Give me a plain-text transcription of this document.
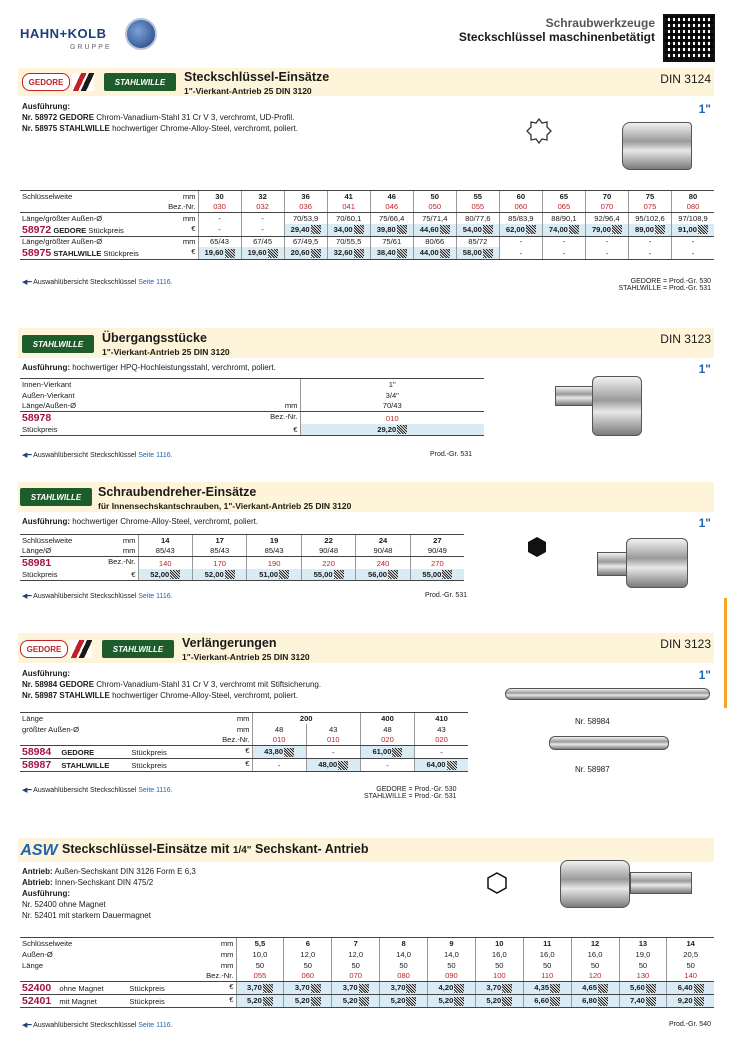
HAHN+KOLB
GRUPPE
Schraubwerkzeuge
Steckschlüssel maschinenbetätigt
GEDORE	STAHLWILLE	Steckschlüssel-Einsätze
1"-Vierkant-Antrieb 25 DIN 3120
DIN 3124
1"
Ausführung:
Nr. 58972 GEDORE Chrom-Vanadium-Stahl 31 Cr V 3, verchromt, UD-Profil.
Nr. 58975 STAHLWILLE hochwertiger Chrome-Alloy-Steel, verchromt, poliert.
Schlüsselweite mm	30	32	36	41	46	50	55	60	65	70	75	80
Bez.-Nr.	030	032	036	041	046	050	055	060	065	070	075	080
Länge/größter Außen-Ø mm	-	-	70/53,9	70/60,1	75/66,4	75/71,4	80/77,6	85/83,9	88/90,1	92/96,4	95/102,6	97/108,9
58972 GEDORE Stückpreis €	-	-	29,40	34,00	39,80	44,60	54,00	62,00	74,00	79,00	89,00	91,00
Länge/größter Außen-Ø mm	65/43	67/45	67/49,5	70/55,5	75/61	80/66	85/72	-	-	-	-	-
58975 STAHLWILLE Stückpreis €	19,60	19,60	20,60	32,60	38,40	44,00	58,00	-	-	-	-	-
◀━ Auswahlübersicht Steckschlüssel Seite 1116.	GEDORE = Prod.-Gr. 530
STAHLWILLE = Prod.-Gr. 531
STAHLWILLE	Übergangsstücke
1"-Vierkant-Antrieb 25 DIN 3120
DIN 3123
1"
Ausführung: hochwertiger HPQ-Hochleistungsstahl, verchromt, poliert.
Innen-Vierkant	1"
Außen-Vierkant	3/4"
Länge/Außen-Ø mm	70/43
58978 Bez.-Nr.	010
Stückpreis €	29,20
◀━ Auswahlübersicht Steckschlüssel Seite 1116.	Prod.-Gr. 531
STAHLWILLE	Schraubendreher-Einsätze
für Innensechskantschrauben, 1"-Vierkant-Antrieb 25 DIN 3120
1"
Ausführung: hochwertiger Chrome-Alloy-Steel, verchromt, poliert.
Schlüsselweite mm	14	17	19	22	24	27
Länge/Ø mm	85/43	85/43	85/43	90/48	90/48	90/49
58981 Bez.-Nr.	140	170	190	220	240	270
Stückpreis €	52,00	52,00	51,00	55,00	56,00	55,00
◀━ Auswahlübersicht Steckschlüssel Seite 1116.	Prod.-Gr. 531
GEDORE	STAHLWILLE	Verlängerungen
1"-Vierkant-Antrieb 25 DIN 3120
DIN 3123
1"
Ausführung:
Nr. 58984 GEDORE Chrom-Vanadium-Stahl 31 Cr V 3, verchromt mit Stiftsicherung.
Nr. 58987 STAHLWILLE hochwertiger Chrome-Alloy-Steel, verchromt, poliert.
Nr. 58984
Nr. 58987
Länge mm	200		400	410
größter Außen-Ø mm	48	43	48	43
Bez.-Nr.	010	010	020	020
58984 GEDORE Stückpreis €	43,80	-	61,00	-
58987 STAHLWILLE Stückpreis €	-	48,00	-	64,00
◀━ Auswahlübersicht Steckschlüssel Seite 1116.	GEDORE = Prod.-Gr. 530
STAHLWILLE = Prod.-Gr. 531
ASW Steckschlüssel-Einsätze mit 1/4" Sechskant- Antrieb
Antrieb: Außen-Sechskant DIN 3126 Form E 6,3
Abtrieb: Innen-Sechskant DIN 475/2
Ausführung:
Nr. 52400 ohne Magnet
Nr. 52401 mit starkem Dauermagnet
Schlüsselweite mm	5,5	6	7	8	9	10	11	12	13	14
Außen-Ø mm	10,0	12,0	12,0	14,0	14,0	16,0	16,0	16,0	19,0	20,5
Länge mm	50	50	50	50	50	50	50	50	50	50
Bez.-Nr.	055	060	070	080	090	100	110	120	130	140
52400 ohne Magnet Stückpreis €	3,70	3,70	3,70	3,70	4,20	3,70	4,35	4,65	5,60	6,40
52401 mit Magnet Stückpreis €	5,20	5,20	5,20	5,20	5,20	5,20	6,60	6,80	7,40	9,20
◀━ Auswahlübersicht Steckschlüssel Seite 1116.	Prod.-Gr. 540
